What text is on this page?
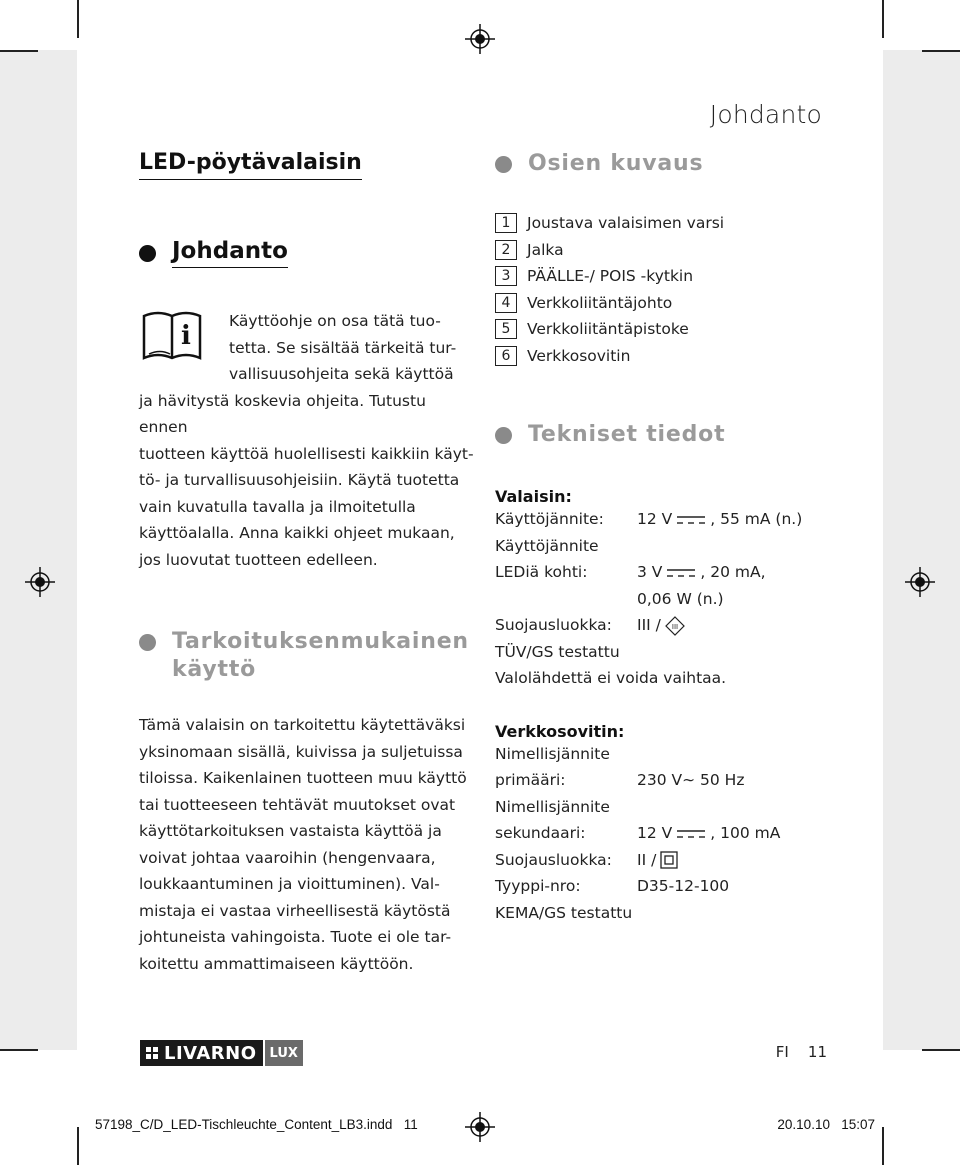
Johdanto
LED-pöytävalaisin
Johdanto
i	Käyttöohje on osa tätä tuo-
tetta. Se sisältää tärkeitä tur-
vallisuusohjeita sekä käyttöä
ja hävitystä koskevia ohjeita. Tutustu ennen
tuotteen käyttöä huolellisesti kaikkiin käyt-
tö- ja turvallisuusohjeisiin. Käytä tuotetta
vain kuvatulla tavalla ja ilmoitetulla
käyttöalalla. Anna kaikki ohjeet mukaan,
jos luovutat tuotteen edelleen.
Tarkoituksenmukainen
käyttö
Tämä valaisin on tarkoitettu käytettäväksi
yksinomaan sisällä, kuivissa ja suljetuissa
tiloissa. Kaikenlainen tuotteen muu käyttö
tai tuotteeseen tehtävät muutokset ovat
käyttötarkoituksen vastaista käyttöä ja
voivat johtaa vaaroihin (hengenvaara,
loukkaantuminen ja vioittuminen). Val-
mistaja ei vastaa virheellisestä käytöstä
johtuneista vahingoista. Tuote ei ole tar-
koitettu ammattimaiseen käyttöön.
Osien kuvaus
1	Joustava valaisimen varsi
2	Jalka
3	PÄÄLLE-/ POIS -kytkin
4	Verkkoliitäntäjohto
5	Verkkoliitäntäpistoke
6	Verkkosovitin
Tekniset tiedot
Valaisin:
Käyttöjännite:	12 V , 55 mA (n.)
Käyttöjännite
LEDiä kohti:	3 V , 20 mA,
0,06 W (n.)
Suojausluokka:	III / III
TÜV/GS testattu
Valolähdettä ei voida vaihtaa.
Verkkosovitin:
Nimellisjännite
primääri:	230 V∼ 50 Hz
Nimellisjännite
sekundaari:	12 V , 100 mA
Suojausluokka:	II /
Tyyppi-nro:	D35-12-100
KEMA/GS testattu
LIVARNO	LUX	FI 11
57198_C/D_LED-Tischleuchte_Content_LB3.indd   11	20.10.10   15:07
